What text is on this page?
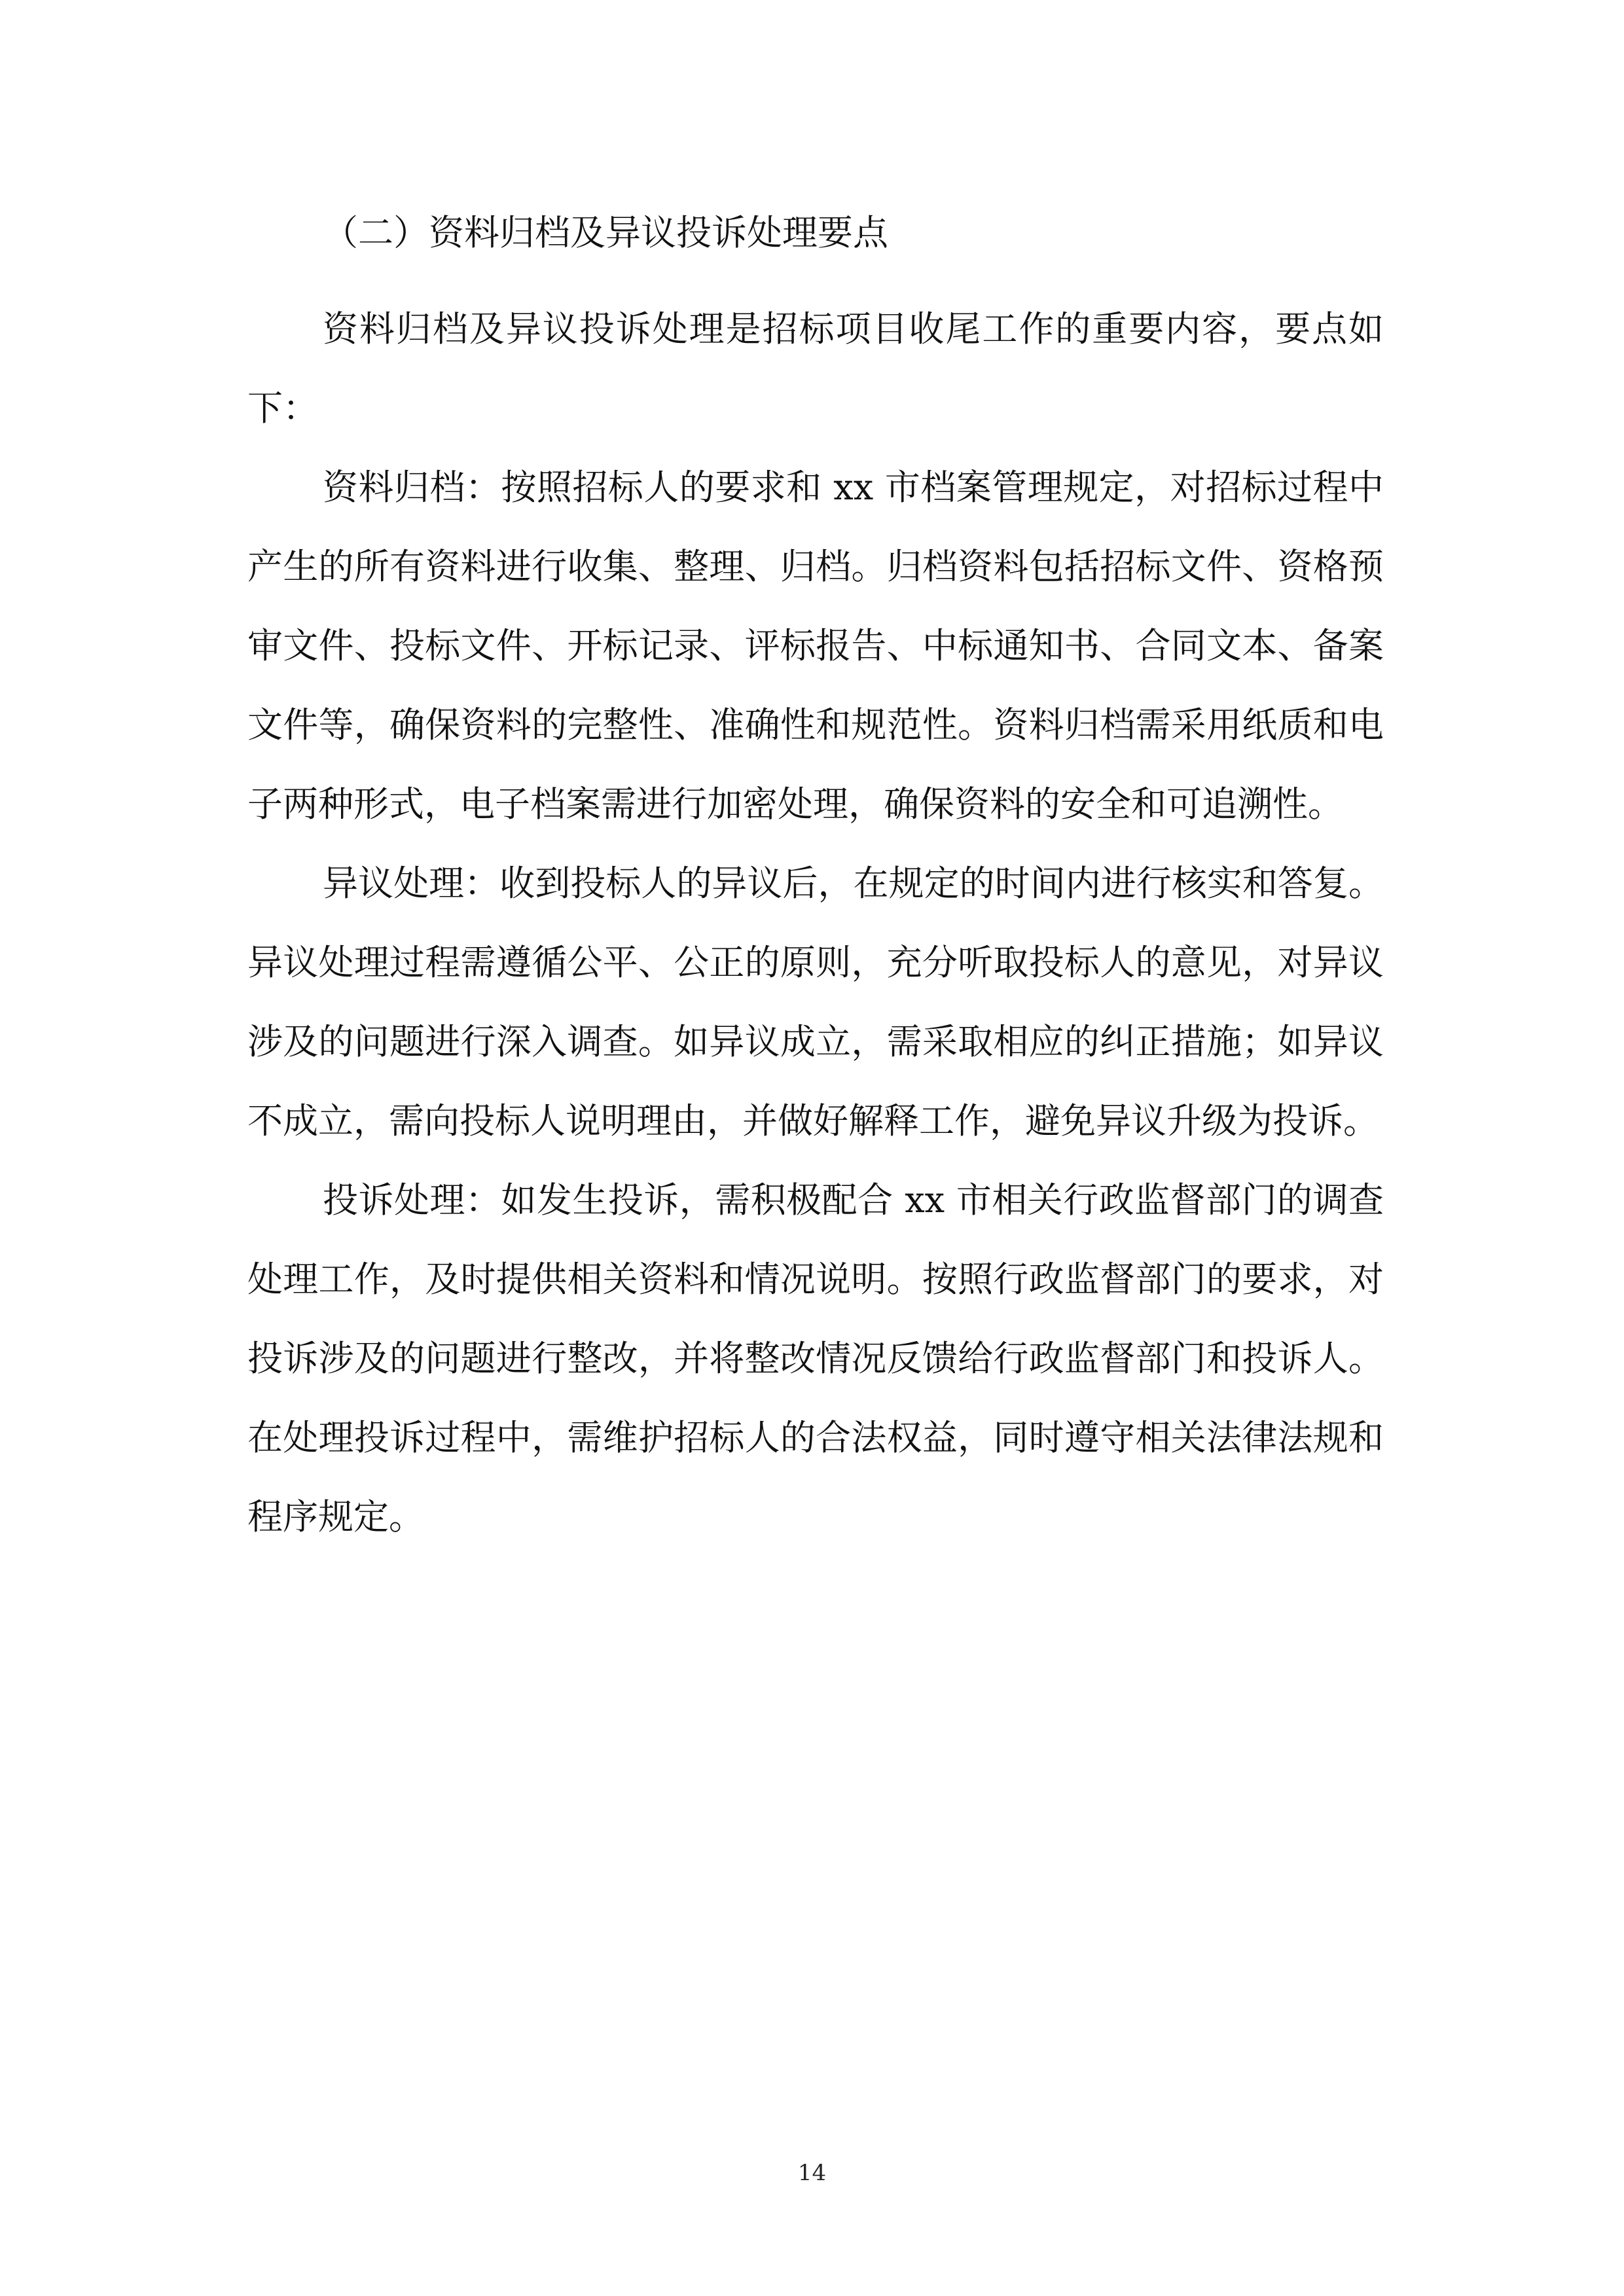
（二）资料归档及异议投诉处理要点

资料归档及异议投诉处理是招标项目收尾工作的重要内容，要点如下：

资料归档：按照招标人的要求和 xx 市档案管理规定，对招标过程中产生的所有资料进行收集、整理、归档。归档资料包括招标文件、资格预审文件、投标文件、开标记录、评标报告、中标通知书、合同文本、备案文件等，确保资料的完整性、准确性和规范性。资料归档需采用纸质和电子两种形式，电子档案需进行加密处理，确保资料的安全和可追溯性。

异议处理：收到投标人的异议后，在规定的时间内进行核实和答复。异议处理过程需遵循公平、公正的原则，充分听取投标人的意见，对异议涉及的问题进行深入调查。如异议成立，需采取相应的纠正措施；如异议不成立，需向投标人说明理由，并做好解释工作，避免异议升级为投诉。

投诉处理：如发生投诉，需积极配合 xx 市相关行政监督部门的调查处理工作，及时提供相关资料和情况说明。按照行政监督部门的要求，对投诉涉及的问题进行整改，并将整改情况反馈给行政监督部门和投诉人。在处理投诉过程中，需维护招标人的合法权益，同时遵守相关法律法规和程序规定。

14
